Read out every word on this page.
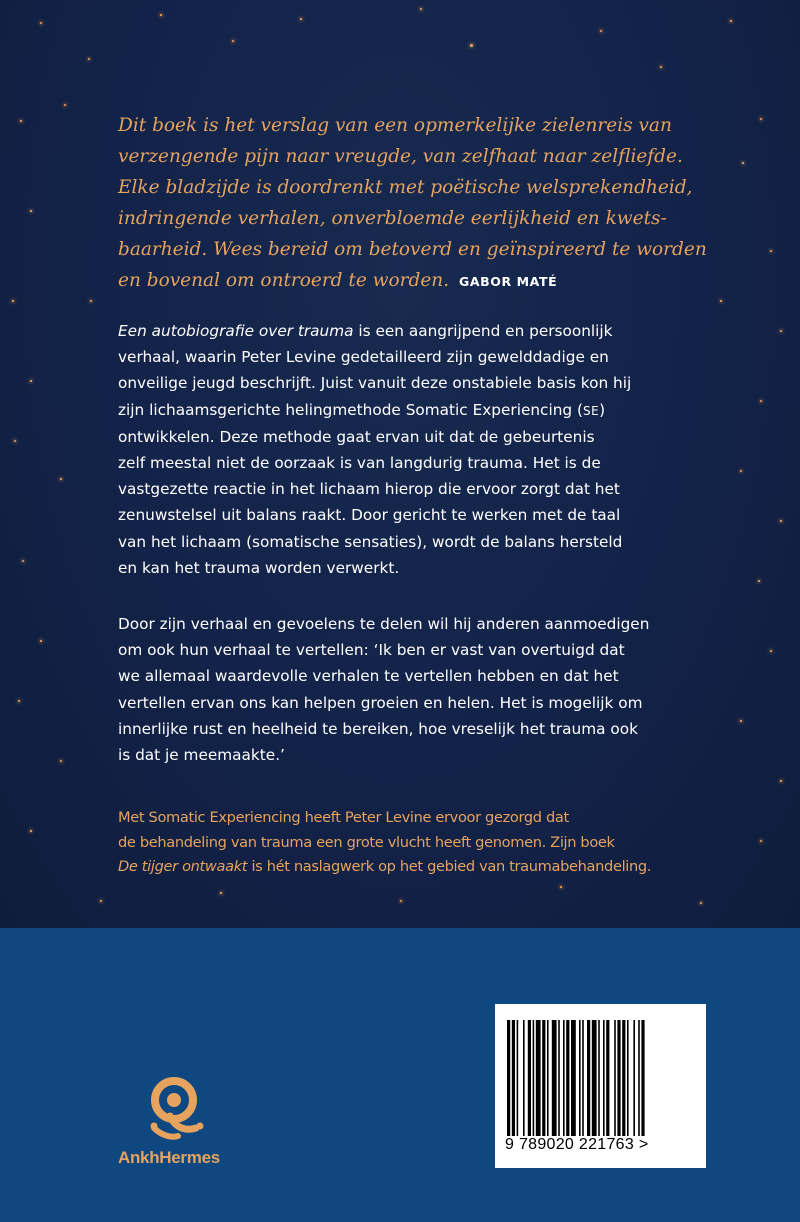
Dit boek is het verslag van een opmerkelijke zielenreis van
verzengende pijn naar vreugde, van zelfhaat naar zelfliefde.
Elke bladzijde is doordrenkt met poëtische welsprekendheid,
indringende verhalen, onverbloemde eerlijkheid en kwets-
baarheid. Wees bereid om betoverd en geïnspireerd te worden
en bovenal om ontroerd te worden. GABOR MATÉ

Een autobiografie over trauma is een aangrijpend en persoonlijk
verhaal, waarin Peter Levine gedetailleerd zijn gewelddadige en
onveilige jeugd beschrijft. Juist vanuit deze onstabiele basis kon hij
zijn lichaamsgerichte helingmethode Somatic Experiencing (SE)
ontwikkelen. Deze methode gaat ervan uit dat de gebeurtenis
zelf meestal niet de oorzaak is van langdurig trauma. Het is de
vastgezette reactie in het lichaam hierop die ervoor zorgt dat het
zenuwstelsel uit balans raakt. Door gericht te werken met de taal
van het lichaam (somatische sensaties), wordt de balans hersteld
en kan het trauma worden verwerkt.

Door zijn verhaal en gevoelens te delen wil hij anderen aanmoedigen
om ook hun verhaal te vertellen: ‘Ik ben er vast van overtuigd dat
we allemaal waardevolle verhalen te vertellen hebben en dat het
vertellen ervan ons kan helpen groeien en helen. Het is mogelijk om
innerlijke rust en heelheid te bereiken, hoe vreselijk het trauma ook
is dat je meemaakte.’

Met Somatic Experiencing heeft Peter Levine ervoor gezorgd dat
de behandeling van trauma een grote vlucht heeft genomen. Zijn boek
De tijger ontwaakt is hét naslagwerk op het gebied van traumabehandeling.

AnkhHermes
9 789020 221763 >
